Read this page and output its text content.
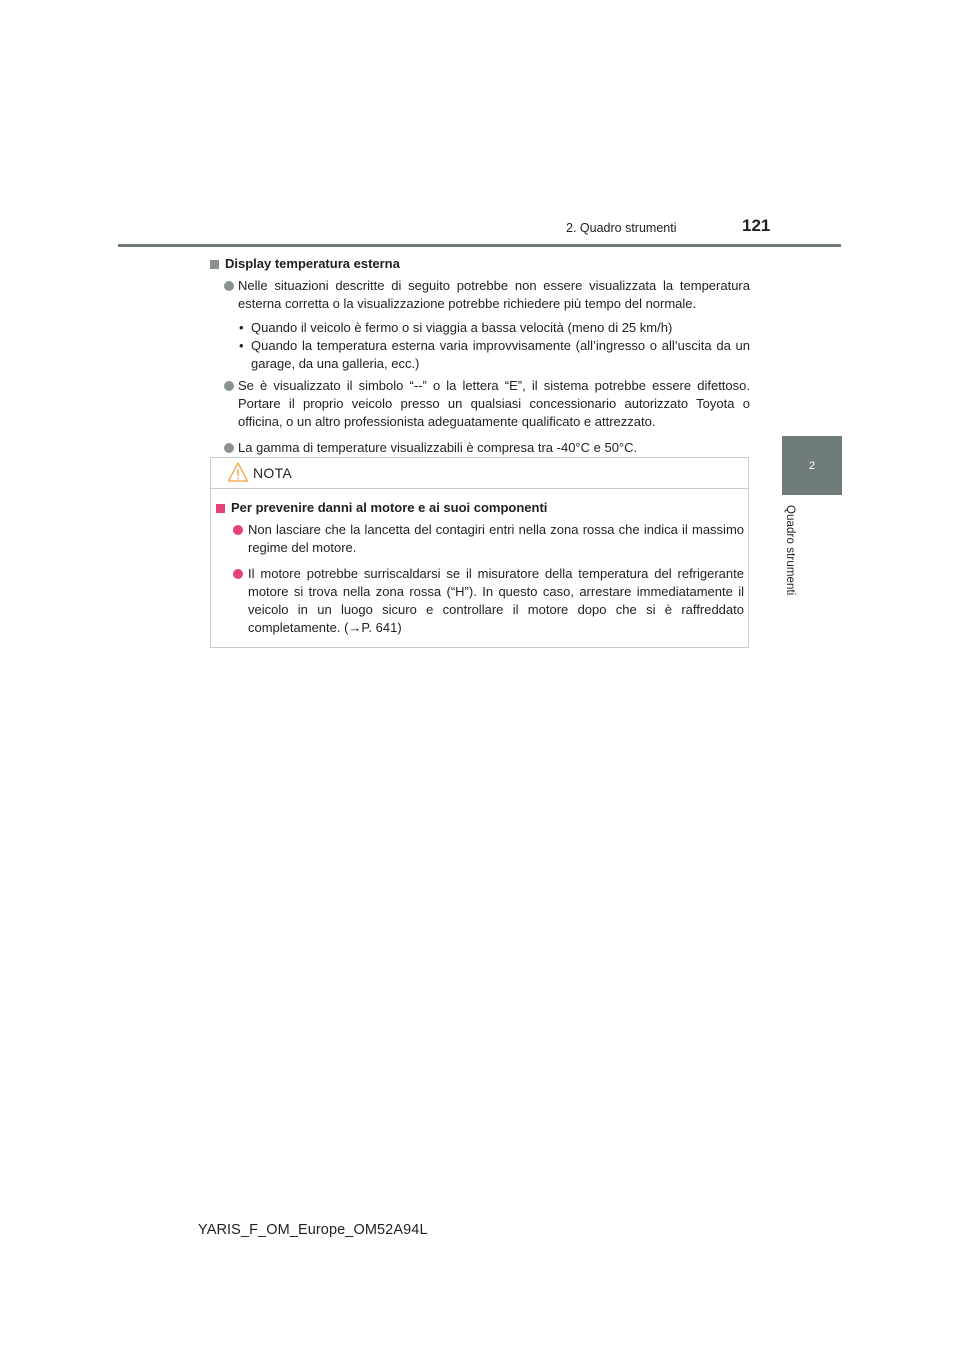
2. Quadro strumenti	121
2
Quadro strumenti
Display temperatura esterna
Nelle situazioni descritte di seguito potrebbe non essere visualizzata la temperatura esterna corretta o la visualizzazione potrebbe richiedere più tempo del normale.
• Quando il veicolo è fermo o si viaggia a bassa velocità (meno di 25 km/h)
• Quando la temperatura esterna varia improvvisamente (all’ingresso o all’uscita da un garage, da una galleria, ecc.)
Se è visualizzato il simbolo “--” o la lettera “E”, il sistema potrebbe essere difettoso. Portare il proprio veicolo presso un qualsiasi concessionario autorizzato Toyota o officina, o un altro professionista adeguatamente qualificato e attrezzato.
La gamma di temperature visualizzabili è compresa tra -40°C e 50°C.
NOTA
Per prevenire danni al motore e ai suoi componenti
Non lasciare che la lancetta del contagiri entri nella zona rossa che indica il massimo regime del motore.
Il motore potrebbe surriscaldarsi se il misuratore della temperatura del refrigerante motore si trova nella zona rossa (“H”). In questo caso, arrestare immediatamente il veicolo in un luogo sicuro e controllare il motore dopo che si è raffreddato completamente. (→P. 641)
YARIS_F_OM_Europe_OM52A94L
